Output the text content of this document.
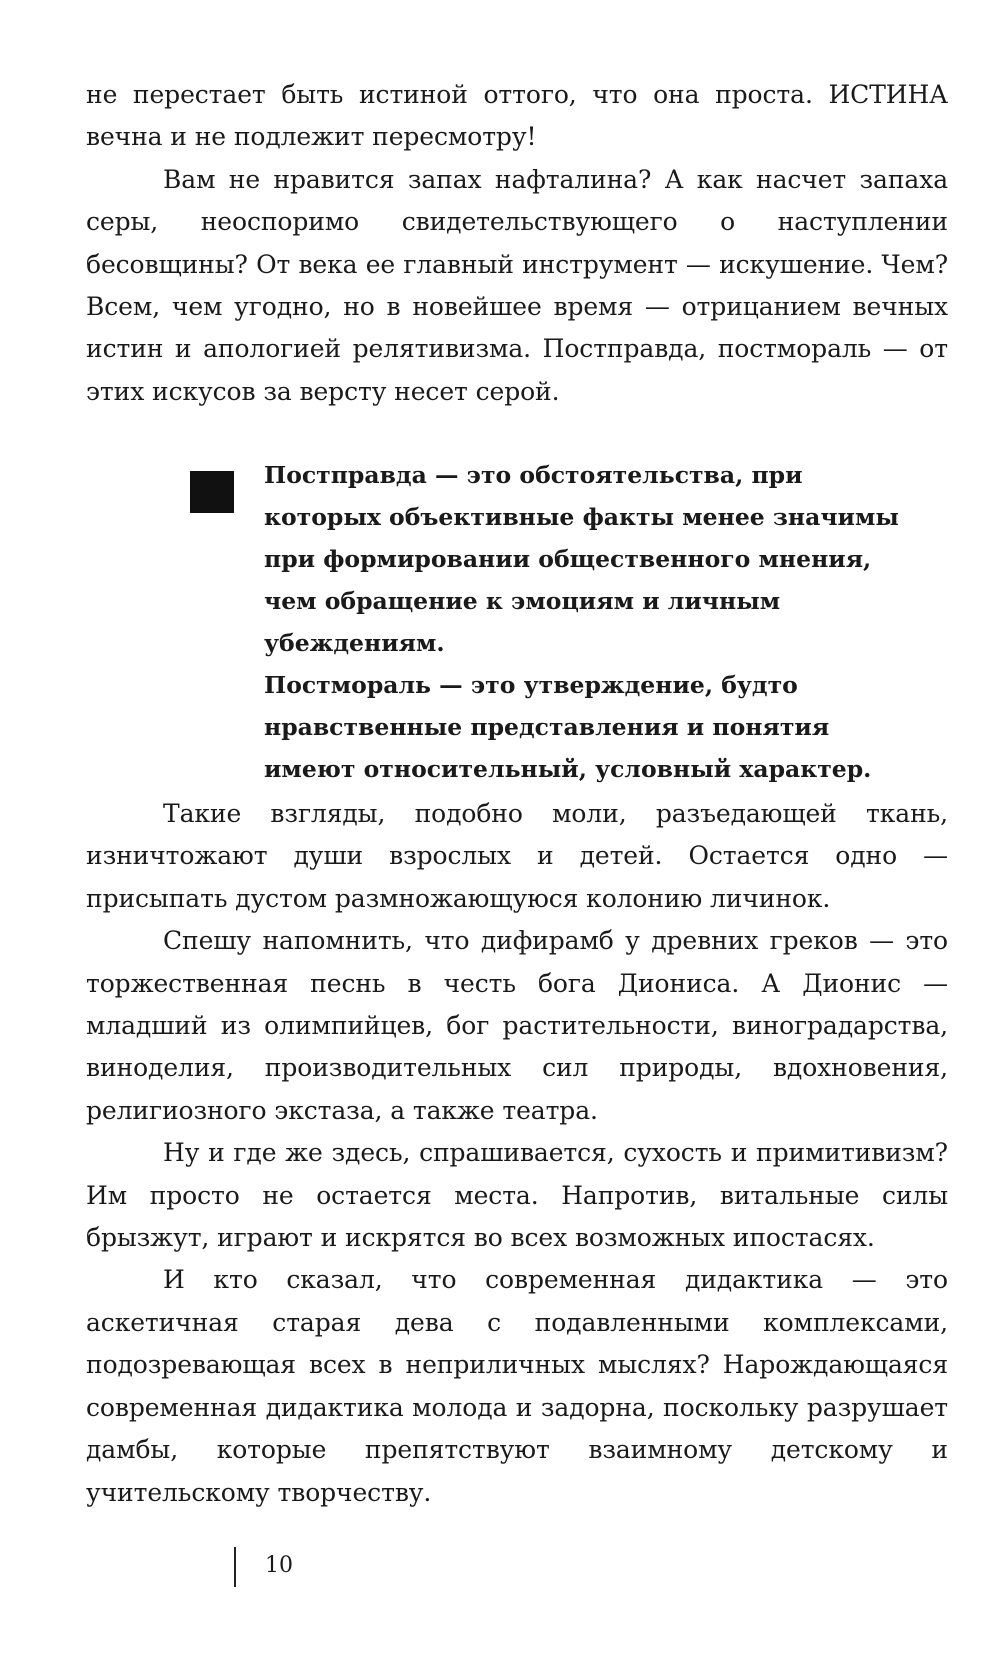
не перестает быть истиной оттого, что она проста. ИСТИНА вечна и не подлежит пересмотру!

Вам не нравится запах нафталина? А как насчет запаха серы, неоспоримо свидетельствующего о наступлении бесовщины? От века ее главный инструмент — искушение. Чем? Всем, чем угодно, но в новейшее время — отрицанием вечных истин и апологией релятивизма. Постправда, постмораль — от этих искусов за версту несет серой.

Постправда — это обстоятельства, при которых объективные факты менее значимы при формировании общественного мнения, чем обращение к эмоциям и личным убеждениям.

Постмораль — это утверждение, будто нравственные представления и понятия имеют относительный, условный характер.

Такие взгляды, подобно моли, разъедающей ткань, изничтожают души взрослых и детей. Остается одно — присыпать дустом размножающуюся колонию личинок.

Спешу напомнить, что дифирамб у древних греков — это торжественная песнь в честь бога Диониса. А Дионис — младший из олимпийцев, бог растительности, виноградарства, виноделия, производительных сил природы, вдохновения, религиозного экстаза, а также театра.

Ну и где же здесь, спрашивается, сухость и примитивизм? Им просто не остается места. Напротив, витальные силы брызжут, играют и искрятся во всех возможных ипостасях.

И кто сказал, что современная дидактика — это аскетичная старая дева с подавленными комплексами, подозревающая всех в неприличных мыслях? Нарождающаяся современная дидактика молода и задорна, поскольку разрушает дамбы, которые препятствуют взаимному детскому и учительскому творчеству.

10
